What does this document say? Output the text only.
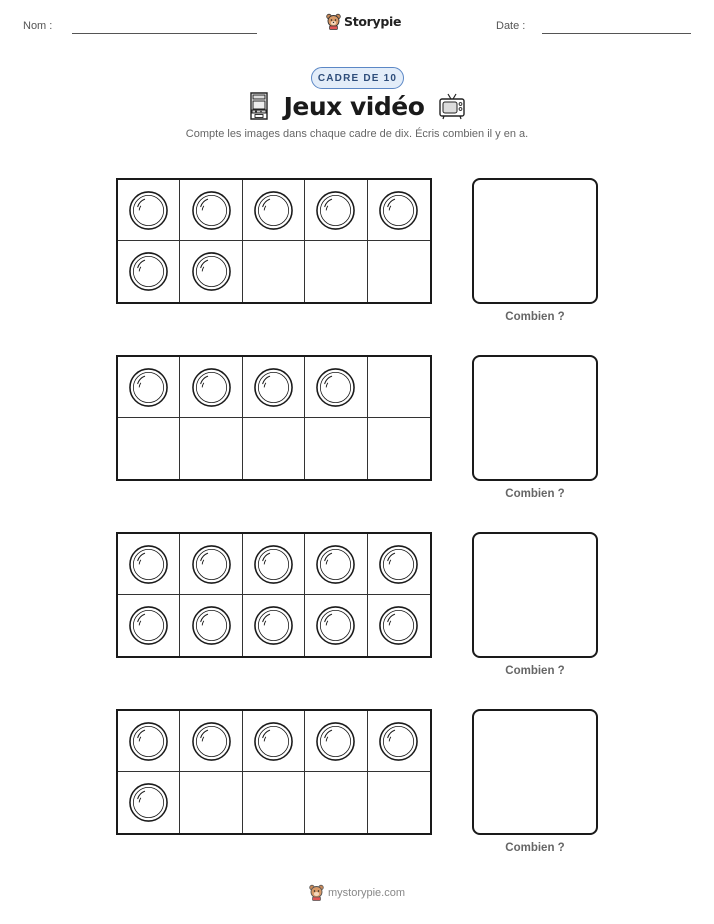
Nom :	Storypie	Date :
CADRE DE 10
Jeux vidéo

Compte les images dans chaque cadre de dix. Écris combien il y en a.

Combien ?
Combien ?
Combien ?
Combien ?
mystorypie.com
